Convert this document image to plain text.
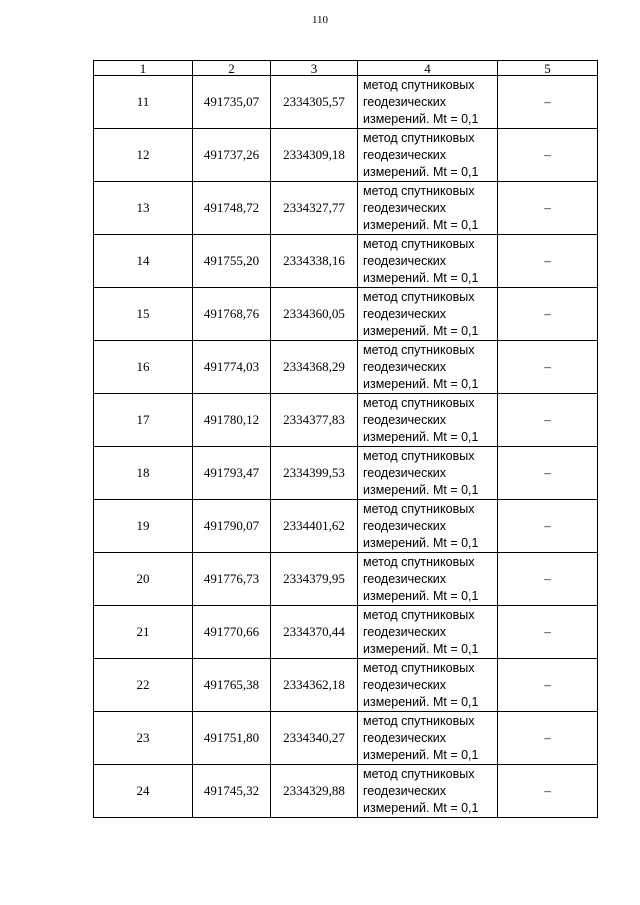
110
1	2	3	4	5
11	491735,07	2334305,57	метод спутниковых
геодезических
измерений. Mt = 0,1	–
12	491737,26	2334309,18	метод спутниковых
геодезических
измерений. Mt = 0,1	–
13	491748,72	2334327,77	метод спутниковых
геодезических
измерений. Mt = 0,1	–
14	491755,20	2334338,16	метод спутниковых
геодезических
измерений. Mt = 0,1	–
15	491768,76	2334360,05	метод спутниковых
геодезических
измерений. Mt = 0,1	–
16	491774,03	2334368,29	метод спутниковых
геодезических
измерений. Mt = 0,1	–
17	491780,12	2334377,83	метод спутниковых
геодезических
измерений. Mt = 0,1	–
18	491793,47	2334399,53	метод спутниковых
геодезических
измерений. Mt = 0,1	–
19	491790,07	2334401,62	метод спутниковых
геодезических
измерений. Mt = 0,1	–
20	491776,73	2334379,95	метод спутниковых
геодезических
измерений. Mt = 0,1	–
21	491770,66	2334370,44	метод спутниковых
геодезических
измерений. Mt = 0,1	–
22	491765,38	2334362,18	метод спутниковых
геодезических
измерений. Mt = 0,1	–
23	491751,80	2334340,27	метод спутниковых
геодезических
измерений. Mt = 0,1	–
24	491745,32	2334329,88	метод спутниковых
геодезических
измерений. Mt = 0,1	–
